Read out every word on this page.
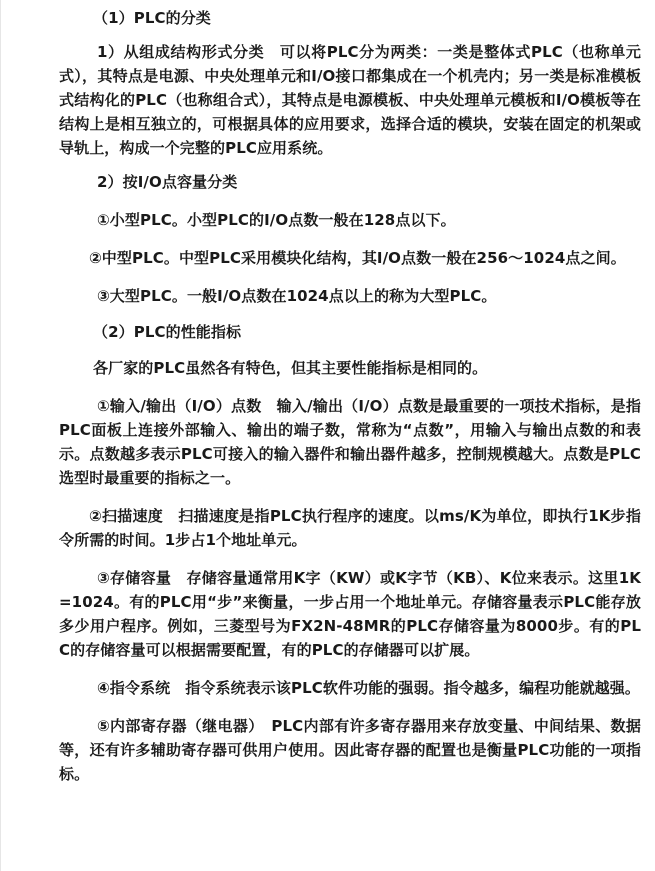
（1）PLC的分类

1）从组成结构形式分类　可以将PLC分为两类：一类是整体式PLC（也称单元式），其特点是电源、中央处理单元和I/O接口都集成在一个机壳内；另一类是标准模板式结构化的PLC（也称组合式），其特点是电源模板、中央处理单元模板和I/O模板等在结构上是相互独立的，可根据具体的应用要求，选择合适的模块，安装在固定的机架或导轨上，构成一个完整的PLC应用系统。

2）按I/O点容量分类

①小型PLC。小型PLC的I/O点数一般在128点以下。

②中型PLC。中型PLC采用模块化结构，其I/O点数一般在256～1024点之间。

③大型PLC。一般I/O点数在1024点以上的称为大型PLC。

（2）PLC的性能指标

各厂家的PLC虽然各有特色，但其主要性能指标是相同的。

①输入/输出（I/O）点数　输入/输出（I/O）点数是最重要的一项技术指标，是指PLC面板上连接外部输入、输出的端子数，常称为“点数”，用输入与输出点数的和表示。点数越多表示PLC可接入的输入器件和输出器件越多，控制规模越大。点数是PLC选型时最重要的指标之一。

②扫描速度　扫描速度是指PLC执行程序的速度。以ms/K为单位，即执行1K步指令所需的时间。1步占1个地址单元。

③存储容量　存储容量通常用K字（KW）或K字节（KB）、K位来表示。这里1K=1024。有的PLC用“步”来衡量，一步占用一个地址单元。存储容量表示PLC能存放多少用户程序。例如，三菱型号为FX2N-48MR的PLC存储容量为8000步。有的PLC的存储容量可以根据需要配置，有的PLC的存储器可以扩展。

④指令系统　指令系统表示该PLC软件功能的强弱。指令越多，编程功能就越强。

⑤内部寄存器（继电器）　PLC内部有许多寄存器用来存放变量、中间结果、数据等，还有许多辅助寄存器可供用户使用。因此寄存器的配置也是衡量PLC功能的一项指标。
